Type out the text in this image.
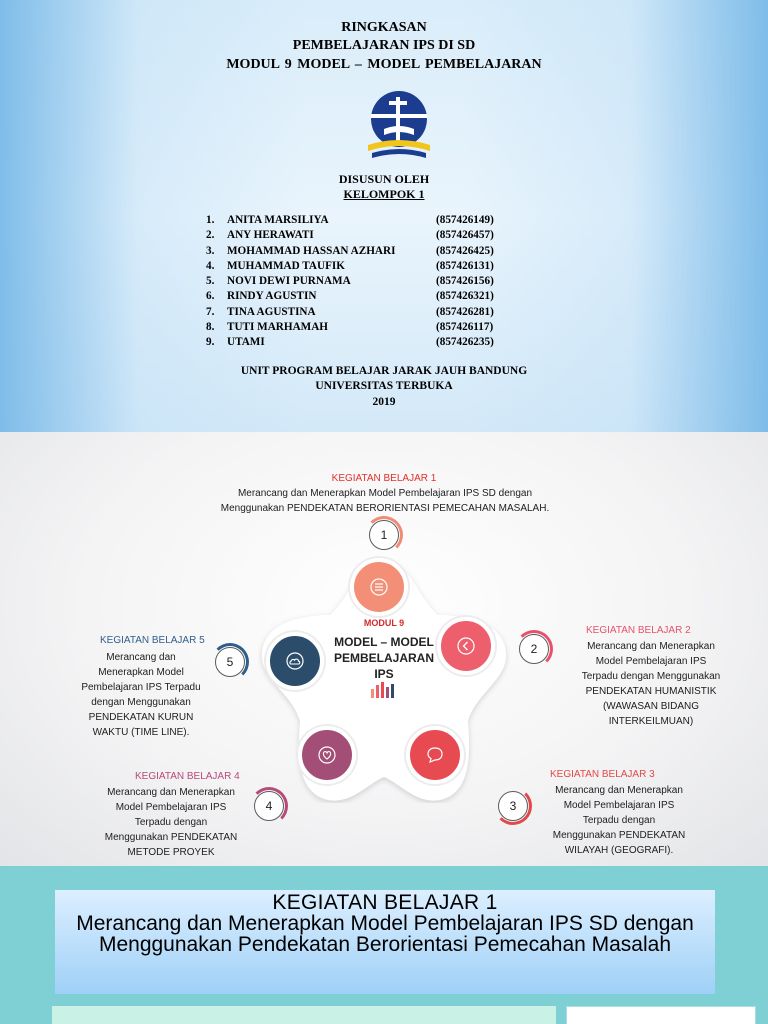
RINGKASAN
PEMBELAJARAN IPS DI SD
MODUL 9 MODEL – MODEL PEMBELAJARAN
DISUSUN OLEH
KELOMPOK 1
1. ANITA MARSILIYA	(857426149)
2. ANY HERAWATI	(857426457)
3. MOHAMMAD HASSAN AZHARI	(857426425)
4. MUHAMMAD TAUFIK	(857426131)
5. NOVI DEWI PURNAMA	(857426156)
6. RINDY AGUSTIN	(857426321)
7. TINA AGUSTINA	(857426281)
8. TUTI MARHAMAH	(857426117)
9. UTAMI	(857426235)
UNIT PROGRAM BELAJAR JARAK JAUH BANDUNG
UNIVERSITAS TERBUKA
2019
KEGIATAN BELAJAR 1
Merancang dan Menerapkan Model Pembelajaran IPS SD dengan
Menggunakan PENDEKATAN BERORIENTASI PEMECAHAN MASALAH.
1
KEGIATAN BELAJAR 2
Merancang dan Menerapkan
Model Pembelajaran IPS
Terpadu dengan Menggunakan
PENDEKATAN HUMANISTIK
(WAWASAN BIDANG
INTERKEILMUAN)
2
KEGIATAN BELAJAR 3
Merancang dan Menerapkan
Model Pembelajaran IPS
Terpadu dengan
Menggunakan PENDEKATAN
WILAYAH (GEOGRAFI).
3
KEGIATAN BELAJAR 4
Merancang dan Menerapkan
Model Pembelajaran IPS
Terpadu dengan
Menggunakan PENDEKATAN
METODE PROYEK
4
KEGIATAN BELAJAR 5
Merancang dan
Menerapkan Model
Pembelajaran IPS Terpadu
dengan Menggunakan
PENDEKATAN KURUN
WAKTU (TIME LINE).
5
MODUL 9
MODEL – MODEL
PEMBELAJARAN
IPS
KEGIATAN BELAJAR 1
Merancang dan Menerapkan Model Pembelajaran IPS SD dengan Menggunakan Pendekatan Berorientasi Pemecahan Masalah
